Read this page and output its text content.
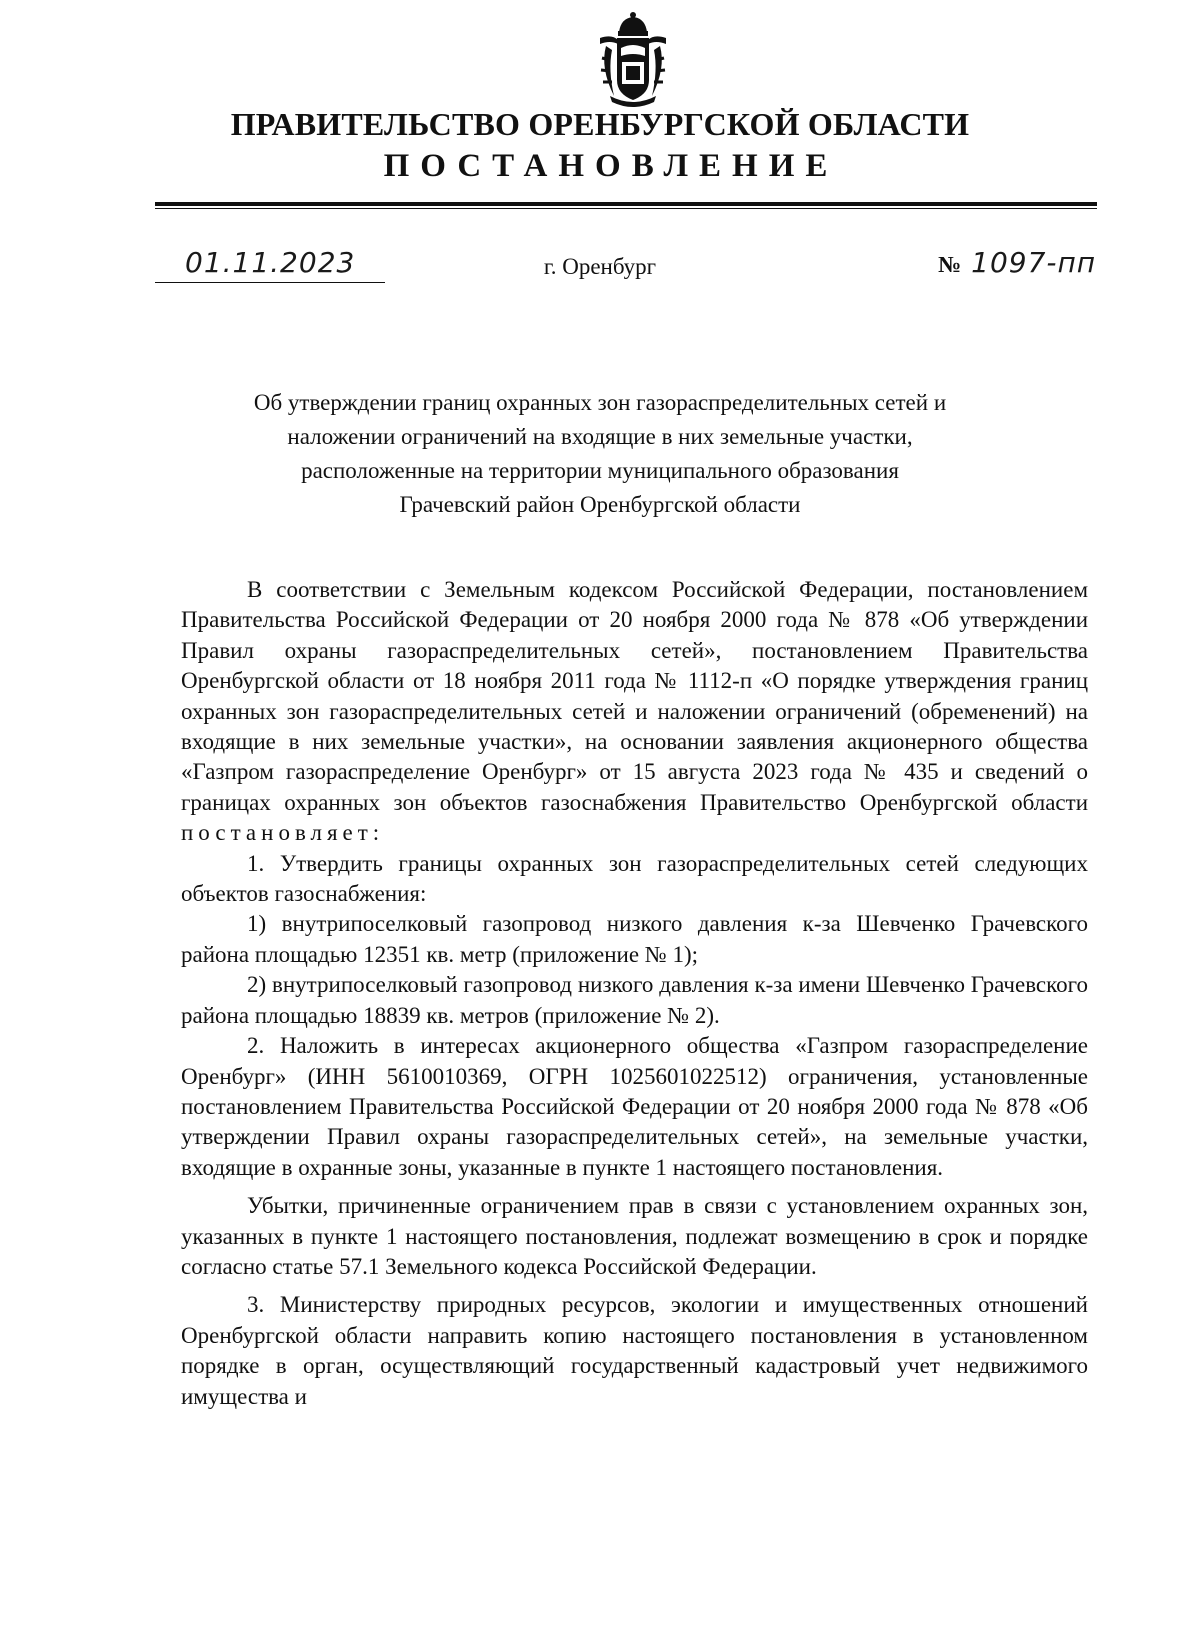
ПРАВИТЕЛЬСТВО ОРЕНБУРГСКОЙ ОБЛАСТИ
ПОСТАНОВЛЕНИЕ
01.11.2023	г. Оренбург	№ 1097-пп
Об утверждении границ охранных зон газораспределительных сетей и
наложении ограничений на входящие в них земельные участки,
расположенные на территории муниципального образования
Грачевский район Оренбургской области

В соответствии с Земельным кодексом Российской Федерации, постановлением Правительства Российской Федерации от 20 ноября 2000 года № 878 «Об утверждении Правил охраны газораспределительных сетей», постановлением Правительства Оренбургской области от 18 ноября 2011 года № 1112-п «О порядке утверждения границ охранных зон газораспределительных сетей и наложении ограничений (обременений) на входящие в них земельные участки», на основании заявления акционерного общества «Газпром газораспределение Оренбург» от 15 августа 2023 года № 435 и сведений о границах охранных зон объектов газоснабжения Правительство Оренбургской области постановляет:

1. Утвердить границы охранных зон газораспределительных сетей следующих объектов газоснабжения:

1) внутрипоселковый газопровод низкого давления к-за Шевченко Грачевского района площадью 12351 кв. метр (приложение № 1);

2) внутрипоселковый газопровод низкого давления к-за имени Шевченко Грачевского района площадью 18839 кв. метров (приложение № 2).

2. Наложить в интересах акционерного общества «Газпром газораспределение Оренбург» (ИНН 5610010369, ОГРН 1025601022512) ограничения, установленные постановлением Правительства Российской Федерации от 20 ноября 2000 года № 878 «Об утверждении Правил охраны газораспределительных сетей», на земельные участки, входящие в охранные зоны, указанные в пункте 1 настоящего постановления.

Убытки, причиненные ограничением прав в связи с установлением охранных зон, указанных в пункте 1 настоящего постановления, подлежат возмещению в срок и порядке согласно статье 57.1 Земельного кодекса Российской Федерации.

3. Министерству природных ресурсов, экологии и имущественных отношений Оренбургской области направить копию настоящего постановления в установленном порядке в орган, осуществляющий государственный кадастровый учет недвижимого имущества и
